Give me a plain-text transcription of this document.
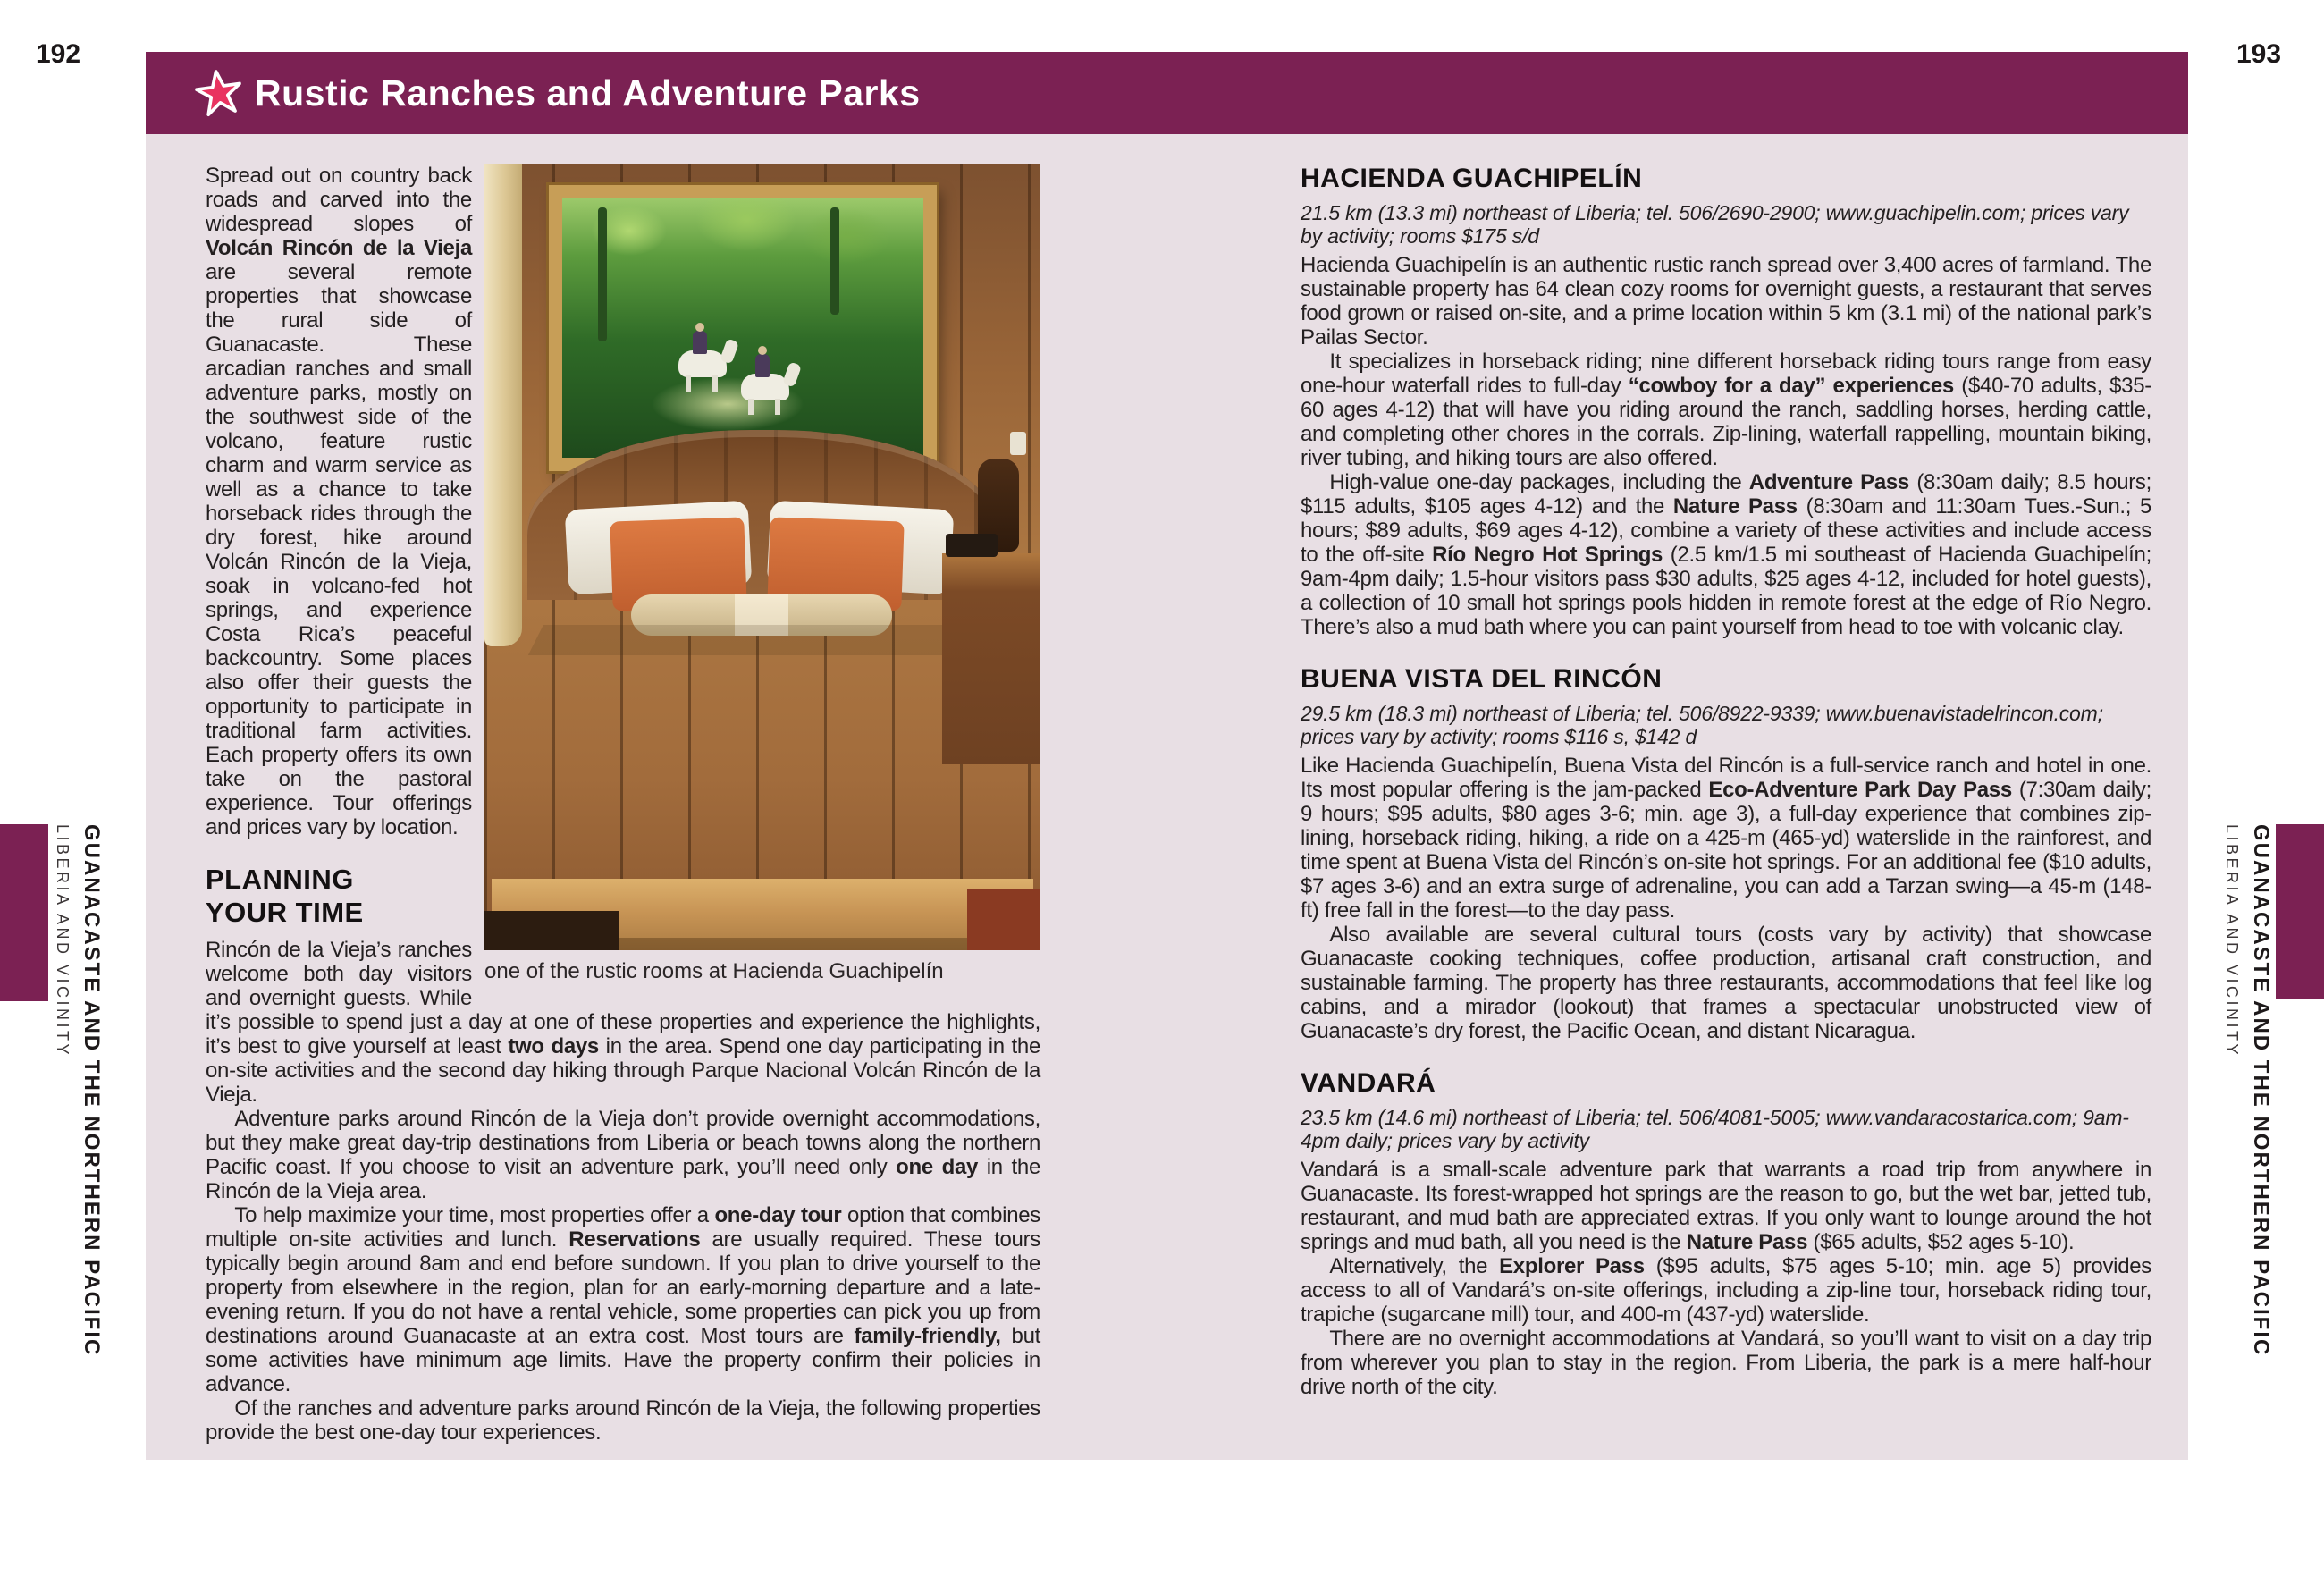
192	193
Rustic Ranches and Adventure Parks
LIBERIA AND VICINITY GUANACASTE AND THE NORTHERN PACIFIC	LIBERIA AND VICINITY GUANACASTE AND THE NORTHERN PACIFIC
one of the rustic rooms at Hacienda Guachipelín

Spread out on country back roads and carved into the widespread slopes of Volcán Rincón de la Vieja are several remote properties that showcase the rural side of Guanacaste. These arcadian ranches and small adventure parks, mostly on the southwest side of the volcano, feature rustic charm and warm service as well as a chance to take horseback rides through the dry forest, hike around Volcán Rincón de la Vieja, soak in volcano-fed hot springs, and experience Costa Rica’s peaceful backcountry. Some places also offer their guests the opportunity to participate in traditional farm activities. Each property offers its own take on the pastoral experience. Tour offerings and prices vary by location.

PLANNING YOUR TIME

Rincón de la Vieja’s ranches welcome both day visitors and overnight guests. While it’s possible to spend just a day at one of these properties and experience the highlights, it’s best to give yourself at least two days in the area. Spend one day participating in the on-site activities and the second day hiking through Parque Nacional Volcán Rincón de la Vieja.

Adventure parks around Rincón de la Vieja don’t provide overnight accommodations, but they make great day-trip destinations from Liberia or beach towns along the northern Pacific coast. If you choose to visit an adventure park, you’ll need only one day in the Rincón de la Vieja area.

To help maximize your time, most properties offer a one-day tour option that combines multiple on-site activities and lunch. Reservations are usually required. These tours typically begin around 8am and end before sundown. If you plan to drive yourself to the property from elsewhere in the region, plan for an early-morning departure and a late-evening return. If you do not have a rental vehicle, some properties can pick you up from destinations around Guanacaste at an extra cost. Most tours are family-friendly, but some activities have minimum age limits. Have the property confirm their policies in advance.

Of the ranches and adventure parks around Rincón de la Vieja, the following properties provide the best one-day tour experiences.

HACIENDA GUACHIPELÍN

21.5 km (13.3 mi) northeast of Liberia; tel. 506/2690-2900; www.guachipelin.com; prices vary by activity; rooms $175 s/d

Hacienda Guachipelín is an authentic rustic ranch spread over 3,400 acres of farmland. The sustainable property has 64 clean cozy rooms for overnight guests, a restaurant that serves food grown or raised on-site, and a prime location within 5 km (3.1 mi) of the national park’s Pailas Sector.

It specializes in horseback riding; nine different horseback riding tours range from easy one-hour waterfall rides to full-day “cowboy for a day” experiences ($40-70 adults, $35-60 ages 4-12) that will have you riding around the ranch, saddling horses, herding cattle, and completing other chores in the corrals. Zip-lining, waterfall rappelling, mountain biking, river tubing, and hiking tours are also offered.

High-value one-day packages, including the Adventure Pass (8:30am daily; 8.5 hours; $115 adults, $105 ages 4-12) and the Nature Pass (8:30am and 11:30am Tues.-Sun.; 5 hours; $89 adults, $69 ages 4-12), combine a variety of these activities and include access to the off-site Río Negro Hot Springs (2.5 km/1.5 mi southeast of Hacienda Guachipelín; 9am-4pm daily; 1.5-hour visitors pass $30 adults, $25 ages 4-12, included for hotel guests), a collection of 10 small hot springs pools hidden in remote forest at the edge of Río Negro. There’s also a mud bath where you can paint yourself from head to toe with volcanic clay.

BUENA VISTA DEL RINCÓN

29.5 km (18.3 mi) northeast of Liberia; tel. 506/8922-9339; www.buenavistadelrincon.com; prices vary by activity; rooms $116 s, $142 d

Like Hacienda Guachipelín, Buena Vista del Rincón is a full-service ranch and hotel in one. Its most popular offering is the jam-packed Eco-Adventure Park Day Pass (7:30am daily; 9 hours; $95 adults, $80 ages 3-6; min. age 3), a full-day experience that combines zip-lining, horseback riding, hiking, a ride on a 425-m (465-yd) waterslide in the rainforest, and time spent at Buena Vista del Rincón’s on-site hot springs. For an additional fee ($10 adults, $7 ages 3-6) and an extra surge of adrenaline, you can add a Tarzan swing—a 45-m (148-ft) free fall in the forest—to the day pass.

Also available are several cultural tours (costs vary by activity) that showcase Guanacaste cooking techniques, coffee production, artisanal craft construction, and sustainable farming. The property has three restaurants, accommodations that feel like log cabins, and a mirador (lookout) that frames a spectacular unobstructed view of Guanacaste’s dry forest, the Pacific Ocean, and distant Nicaragua.

VANDARÁ

23.5 km (14.6 mi) northeast of Liberia; tel. 506/4081-5005; www.vandaracostarica.com; 9am-4pm daily; prices vary by activity

Vandará is a small-scale adventure park that warrants a road trip from anywhere in Guanacaste. Its forest-wrapped hot springs are the reason to go, but the wet bar, jetted tub, restaurant, and mud bath are appreciated extras. If you only want to lounge around the hot springs and mud bath, all you need is the Nature Pass ($65 adults, $52 ages 5-10).

Alternatively, the Explorer Pass ($95 adults, $75 ages 5-10; min. age 5) provides access to all of Vandará’s on-site offerings, including a zip-line tour, horseback riding tour, trapiche (sugarcane mill) tour, and 400-m (437-yd) waterslide.

There are no overnight accommodations at Vandará, so you’ll want to visit on a day trip from wherever you plan to stay in the region. From Liberia, the park is a mere half-hour drive north of the city.
